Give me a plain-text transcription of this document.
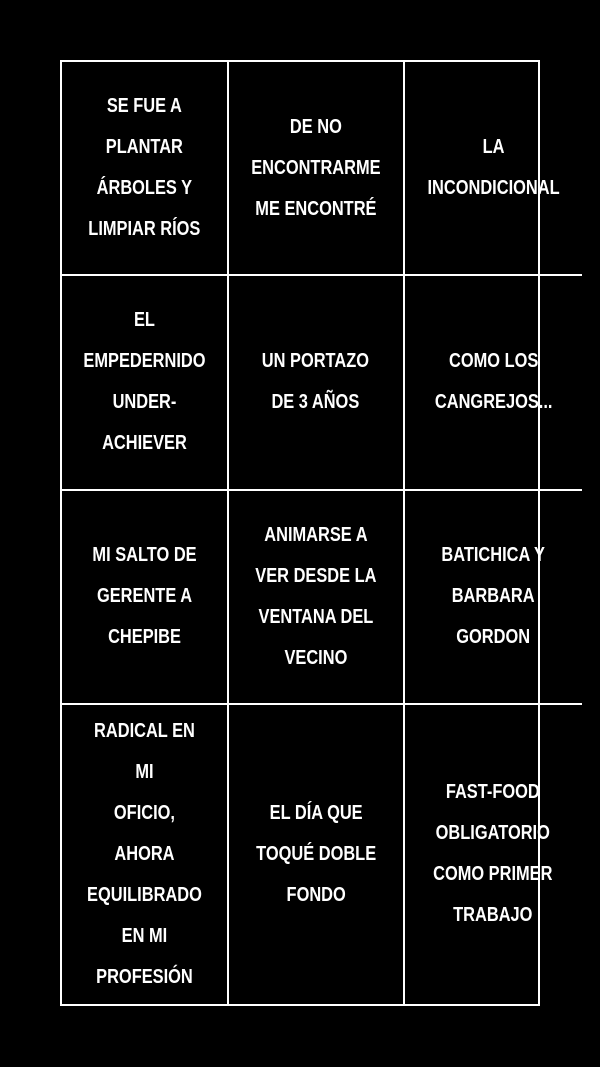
SE FUE A
PLANTAR
ÁRBOLES Y
LIMPIAR RÍOS
DE NO
ENCONTRARME
ME ENCONTRÉ
LA
INCONDICIONAL
EL
EMPEDERNIDO
UNDER-
ACHIEVER
UN PORTAZO
DE 3 AÑOS
COMO LOS
CANGREJOS...
MI SALTO DE
GERENTE A
CHEPIBE
ANIMARSE A
VER DESDE LA
VENTANA DEL
VECINO
BATICHICA Y
BARBARA
GORDON
RADICAL EN MI
OFICIO, AHORA
EQUILIBRADO
EN MI
PROFESIÓN
EL DÍA QUE
TOQUÉ DOBLE
FONDO
FAST-FOOD
OBLIGATORIO
COMO PRIMER
TRABAJO
